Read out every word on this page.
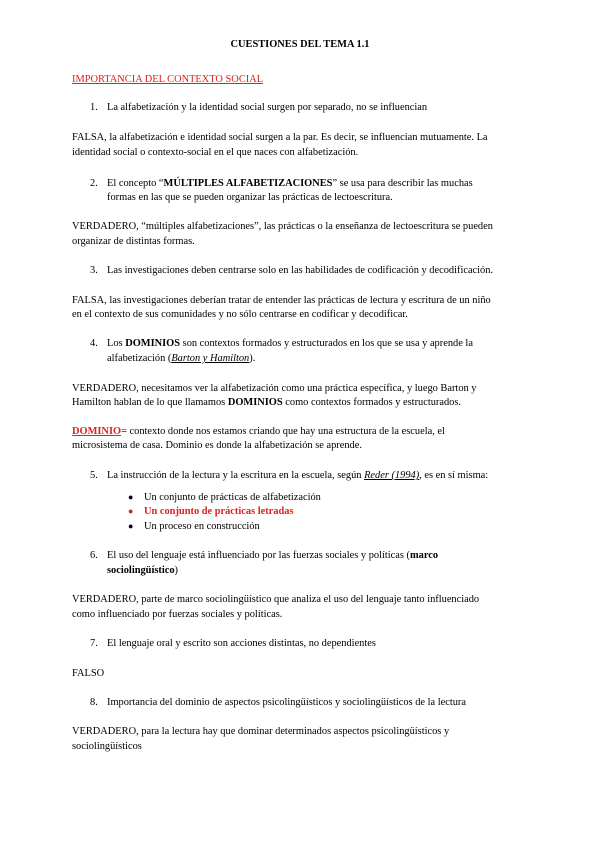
CUESTIONES DEL TEMA 1.1
IMPORTANCIA DEL CONTEXTO SOCIAL
1. La alfabetización y la identidad social surgen por separado, no se influencian
FALSA, la alfabetización e identidad social surgen a la par. Es decir, se influencian mutuamente. La
identidad social o contexto-social en el que naces con alfabetización.
2. El concepto “MÚLTIPLES ALFABETIZACIONES” se usa para describir las muchas
formas en las que se pueden organizar las prácticas de lectoescritura.
VERDADERO, “múltiples alfabetizaciones”, las prácticas o la enseñanza de lectoescritura se pueden
organizar de distintas formas.
3. Las investigaciones deben centrarse solo en las habilidades de codificación y decodificación.
FALSA, las investigaciones deberían tratar de entender las prácticas de lectura y escritura de un niño
en el contexto de sus comunidades y no sólo centrarse en codificar y decodificar.
4. Los DOMINIOS son contextos formados y estructurados en los que se usa y aprende la
alfabetización (Barton y Hamilton).
VERDADERO, necesitamos ver la alfabetización como una práctica específica, y luego Barton y
Hamilton hablan de lo que llamamos DOMINIOS como contextos formados y estructurados.
DOMINIO= contexto donde nos estamos criando que hay una estructura de la escuela, el
microsistema de casa. Dominio es donde la alfabetización se aprende.
5. La instrucción de la lectura y la escritura en la escuela, según Reder (1994), es en sí misma:
● Un conjunto de prácticas de alfabetización
● Un conjunto de prácticas letradas
● Un proceso en construcción
6. El uso del lenguaje está influenciado por las fuerzas sociales y políticas (marco
sociolingüístico)
VERDADERO, parte de marco sociolingüístico que analiza el uso del lenguaje tanto influenciado
como influenciado por fuerzas sociales y políticas.
7. El lenguaje oral y escrito son acciones distintas, no dependientes
FALSO
8. Importancia del dominio de aspectos psicolingüísticos y sociolingüísticos de la lectura
VERDADERO, para la lectura hay que dominar determinados aspectos psicolingüísticos y
sociolingüísticos
